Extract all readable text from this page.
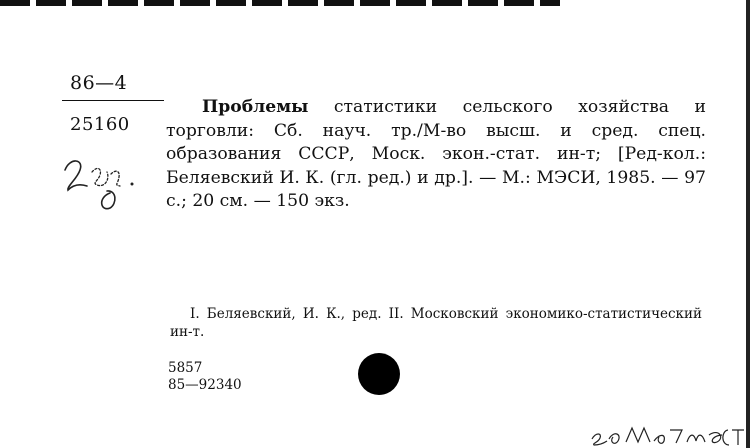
86—4
25160

Проблемы статистики сельского хозяйства и торговли: Сб. науч. тр./М-во высш. и сред. спец. образования СССР, Моск. экон.-стат. ин-т; [Ред-кол.: Беляевский И. К. (гл. ред.) и др.]. — М.: МЭСИ, 1985. — 97 с.; 20 см. — 150 экз.

I. Беляевский, И. К., ред. II. Московский экономико-статистический ин-т.

5857
85—92340
